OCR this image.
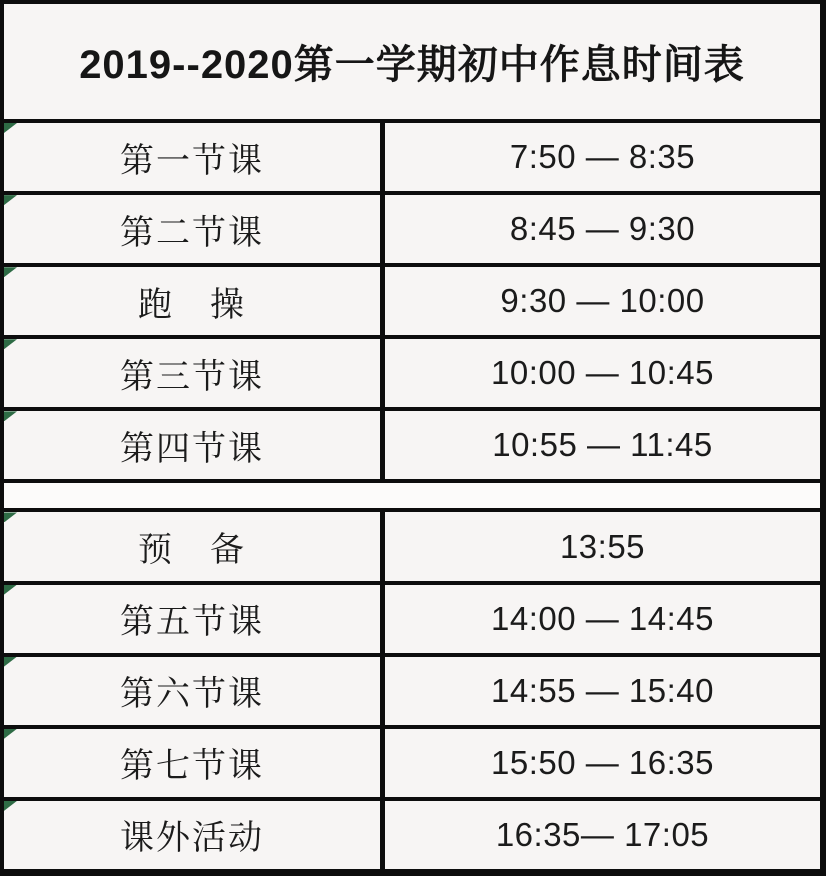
2019--2020第一学期初中作息时间表
第一节课	7:50 — 8:35
第二节课	8:45 — 9:30
跑　操	9:30 — 10:00
第三节课	10:00 — 10:45
第四节课	10:55 — 11:45
预　备	13:55
第五节课	14:00 — 14:45
第六节课	14:55 — 15:40
第七节课	15:50 — 16:35
课外活动	16:35— 17:05
